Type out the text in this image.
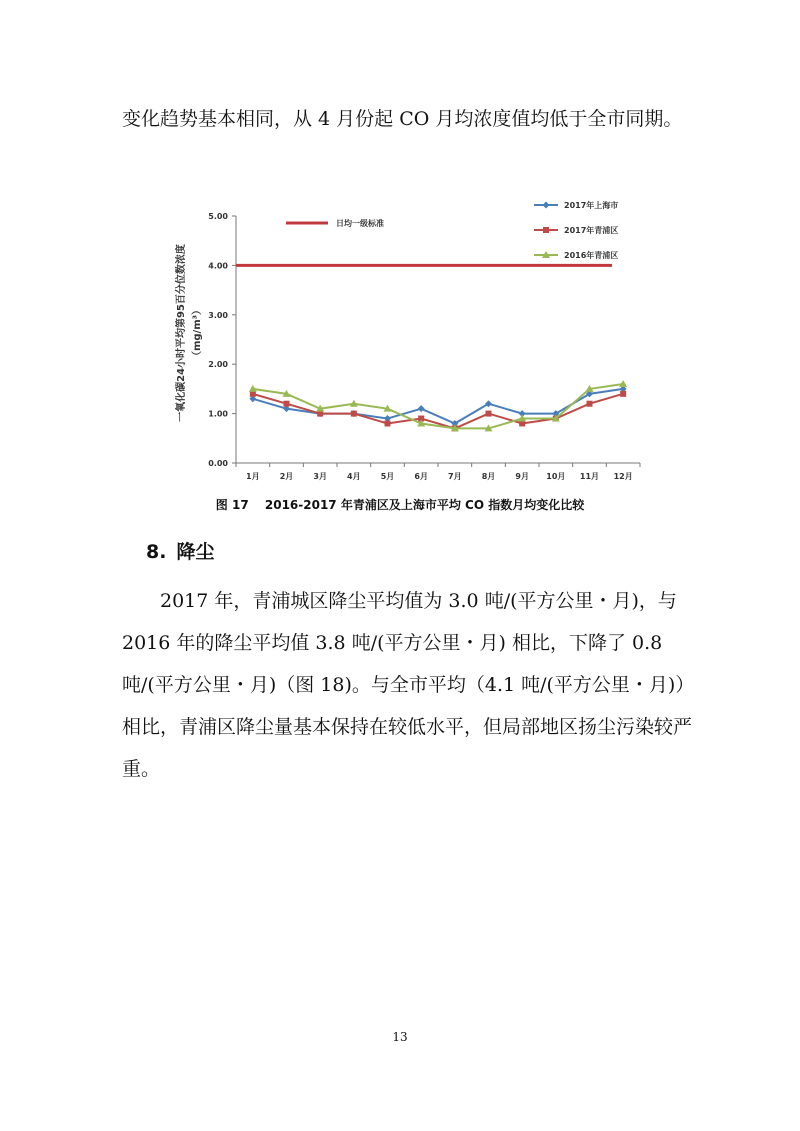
变化趋势基本相同，从 4 月份起 CO 月均浓度值均低于全市同期。

一氧化碳24小时平均第95百分位数浓度 （mg/m³）
0.00
1.00
2.00
3.00
4.00
5.00
1月	2月	3月	4月	5月	6月	7月	8月	9月 10月 11月 12月
日均一级标准
2017年上海市
2017年青浦区
2016年青浦区

图 17 2016-2017 年青浦区及上海市平均 CO 指数月均变化比较

8. 降尘

2017 年，青浦城区降尘平均值为 3.0 吨/(平方公里・月)，与 2016 年的降尘平均值 3.8 吨/(平方公里・月) 相比，下降了 0.8 吨/(平方公里・月)（图 18)。与全市平均（4.1 吨/(平方公里・月)）相比，青浦区降尘量基本保持在较低水平，但局部地区扬尘污染较严重。

13
